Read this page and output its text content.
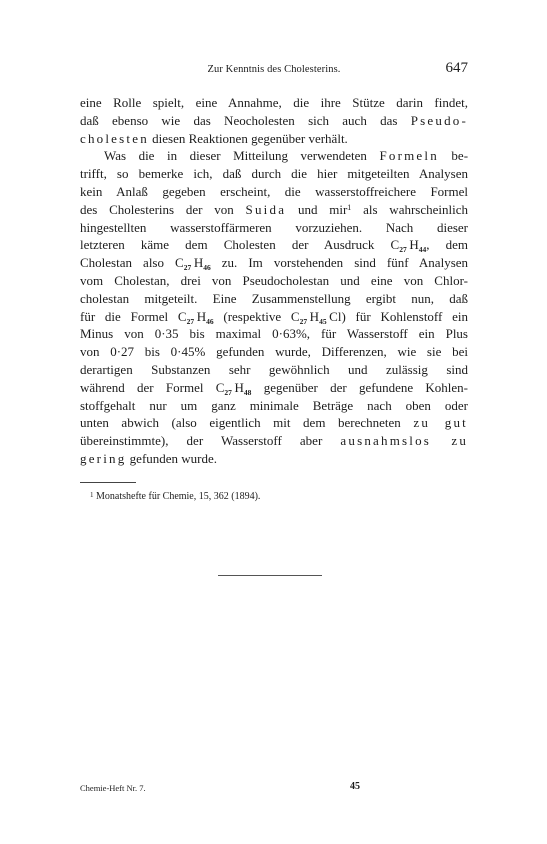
Zur Kenntnis des Cholesterins.	647
eine Rolle spielt, eine Annahme, die ihre Stütze darin findet,
daß ebenso wie das Neocholesten sich auch das Pseudo-
cholesten diesen Reaktionen gegenüber verhält.
Was die in dieser Mitteilung verwendeten Formeln be-
trifft, so bemerke ich, daß durch die hier mitgeteilten Analysen
kein Anlaß gegeben erscheint, die wasserstoffreichere Formel
des Cholesterins der von Suida und mir$^1$ als wahrscheinlich
hingestellten wasserstoffärmeren vorzuziehen. Nach dieser
letzteren käme dem Cholesten der Ausdruck $C_{27}$  $H_{44}$, dem
Cholestan also $C_{27}$  $H_{46}$ zu. Im vorstehenden sind fünf Analysen
vom Cholestan, drei von Pseudocholestan und eine von Chlor-
cholestan mitgeteilt. Eine Zusammenstellung ergibt nun, daß
für die Formel $C_{27}$  $H_{46}$ (respektive $C_{27}$  $H_{45}$  Cl) für Kohlenstoff ein
Minus von 0·35 bis maximal 0·63%, für Wasserstoff ein Plus
von 0·27 bis 0·45% gefunden wurde, Differenzen, wie sie bei
derartigen Substanzen sehr gewöhnlich und zulässig sind
während der Formel $C_{27}$  $H_{48}$ gegenüber der gefundene Kohlen-
stoffgehalt nur um ganz minimale Beträge nach oben oder
unten abwich (also eigentlich mit dem berechneten zu gut
übereinstimmte), der Wasserstoff aber ausnahmslos zu
gering gefunden wurde.
$^1$ Monatshefte für Chemie, 15, 362 (1894).
Chemie-Heft Nr. 7.	45
